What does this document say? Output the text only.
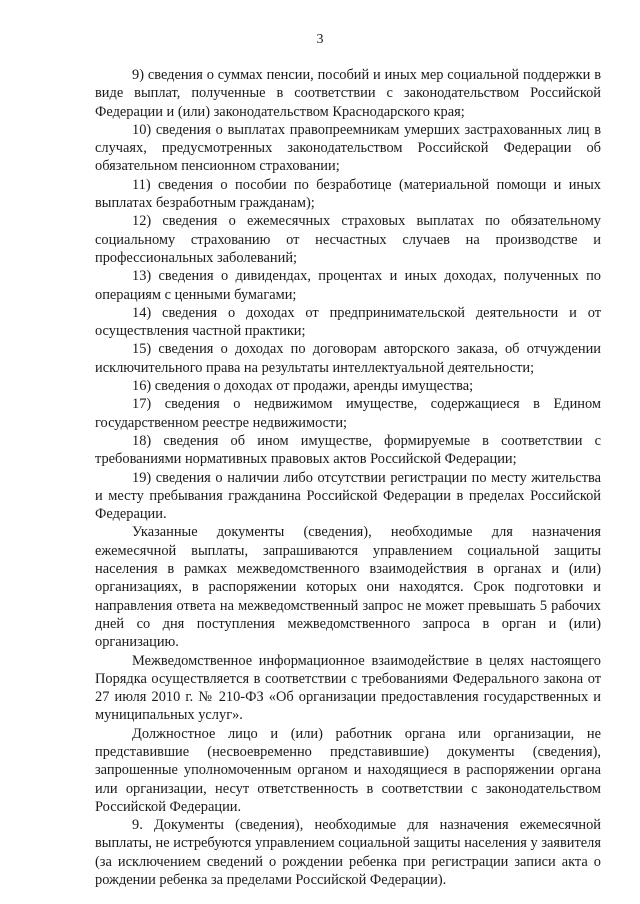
3

9) сведения о суммах пенсии, пособий и иных мер социальной поддержки в виде выплат, полученные в соответствии с законодательством Российской Федерации и (или) законодательством Краснодарского края;

10) сведения о выплатах правопреемникам умерших застрахованных лиц в случаях, предусмотренных законодательством Российской Федерации об обязательном пенсионном страховании;

11) сведения о пособии по безработице (материальной помощи и иных выплатах безработным гражданам);

12) сведения о ежемесячных страховых выплатах по обязательному социальному страхованию от несчастных случаев на производстве и профессиональных заболеваний;

13) сведения о дивидендах, процентах и иных доходах, полученных по операциям с ценными бумагами;

14) сведения о доходах от предпринимательской деятельности и от осуществления частной практики;

15) сведения о доходах по договорам авторского заказа, об отчуждении исключительного права на результаты интеллектуальной деятельности;

16) сведения о доходах от продажи, аренды имущества;

17) сведения о недвижимом имуществе, содержащиеся в Едином государственном реестре недвижимости;

18) сведения об ином имуществе, формируемые в соответствии с требованиями нормативных правовых актов Российской Федерации;

19) сведения о наличии либо отсутствии регистрации по месту жительства и месту пребывания гражданина Российской Федерации в пределах Российской Федерации.

Указанные документы (сведения), необходимые для назначения ежемесячной выплаты, запрашиваются управлением социальной защиты населения в рамках межведомственного взаимодействия в органах и (или) организациях, в распоряжении которых они находятся. Срок подготовки и направления ответа на межведомственный запрос не может превышать 5 рабочих дней со дня поступления межведомственного запроса в орган и (или) организацию.

Межведомственное информационное взаимодействие в целях настоящего Порядка осуществляется в соответствии с требованиями Федерального закона от 27 июля 2010 г. № 210-ФЗ «Об организации предоставления государственных и муниципальных услуг».

Должностное лицо и (или) работник органа или организации, не представившие (несвоевременно представившие) документы (сведения), запрошенные уполномоченным органом и находящиеся в распоряжении органа или организации, несут ответственность в соответствии с законодательством Российской Федерации.

9. Документы (сведения), необходимые для назначения ежемесячной выплаты, не истребуются управлением социальной защиты населения у заявителя (за исключением сведений о рождении ребенка при регистрации записи акта о рождении ребенка за пределами Российской Федерации).
